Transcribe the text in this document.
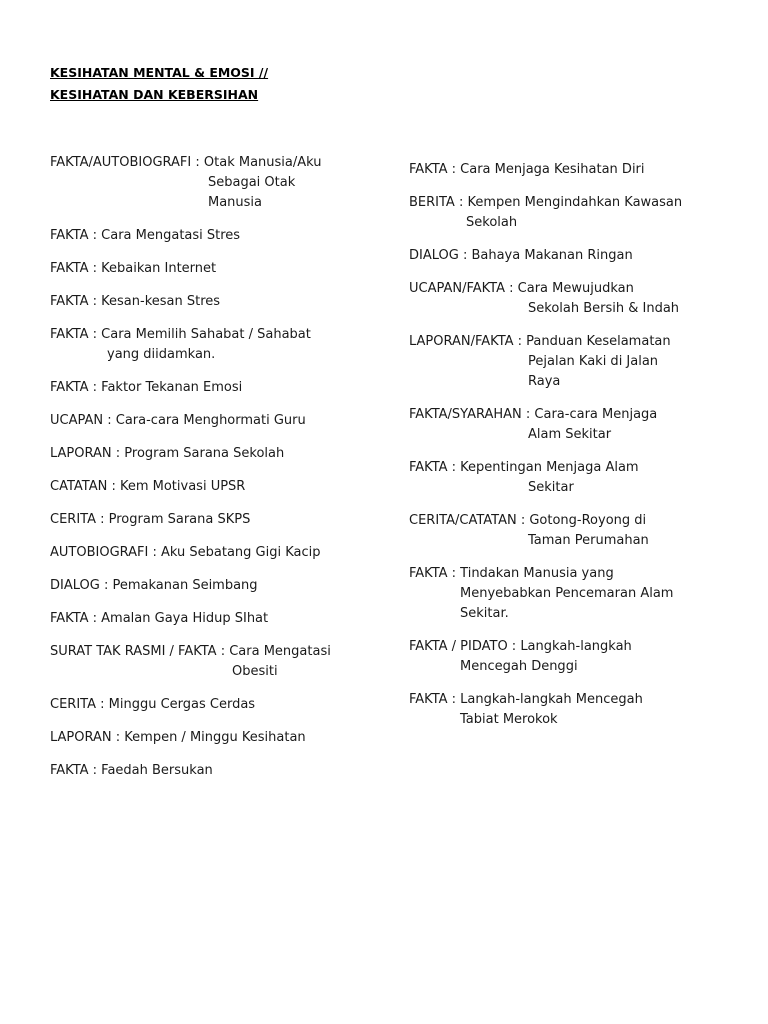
KESIHATAN MENTAL & EMOSI //
KESIHATAN DAN KEBERSIHAN
FAKTA/AUTOBIOGRAFI : Otak Manusia/Aku
Sebagai Otak
Manusia
FAKTA : Cara Mengatasi Stres
FAKTA : Kebaikan Internet
FAKTA : Kesan-kesan Stres
FAKTA : Cara Memilih Sahabat / Sahabat
yang diidamkan.
FAKTA : Faktor Tekanan Emosi
UCAPAN : Cara-cara Menghormati Guru
LAPORAN : Program Sarana Sekolah
CATATAN : Kem Motivasi UPSR
CERITA : Program Sarana SKPS
AUTOBIOGRAFI : Aku Sebatang Gigi Kacip
DIALOG : Pemakanan Seimbang
FAKTA : Amalan Gaya Hidup SIhat
SURAT TAK RASMI / FAKTA : Cara Mengatasi
Obesiti
CERITA : Minggu Cergas Cerdas
LAPORAN : Kempen / Minggu Kesihatan
FAKTA : Faedah Bersukan
FAKTA : Cara Menjaga Kesihatan Diri
BERITA : Kempen Mengindahkan Kawasan
Sekolah
DIALOG : Bahaya Makanan Ringan
UCAPAN/FAKTA : Cara Mewujudkan
Sekolah Bersih & Indah
LAPORAN/FAKTA : Panduan Keselamatan
Pejalan Kaki di Jalan
Raya
FAKTA/SYARAHAN : Cara-cara Menjaga
Alam Sekitar
FAKTA : Kepentingan Menjaga Alam
Sekitar
CERITA/CATATAN : Gotong-Royong di
Taman Perumahan
FAKTA : Tindakan Manusia yang
Menyebabkan Pencemaran Alam
Sekitar.
FAKTA / PIDATO : Langkah-langkah
Mencegah Denggi
FAKTA : Langkah-langkah Mencegah
Tabiat Merokok
